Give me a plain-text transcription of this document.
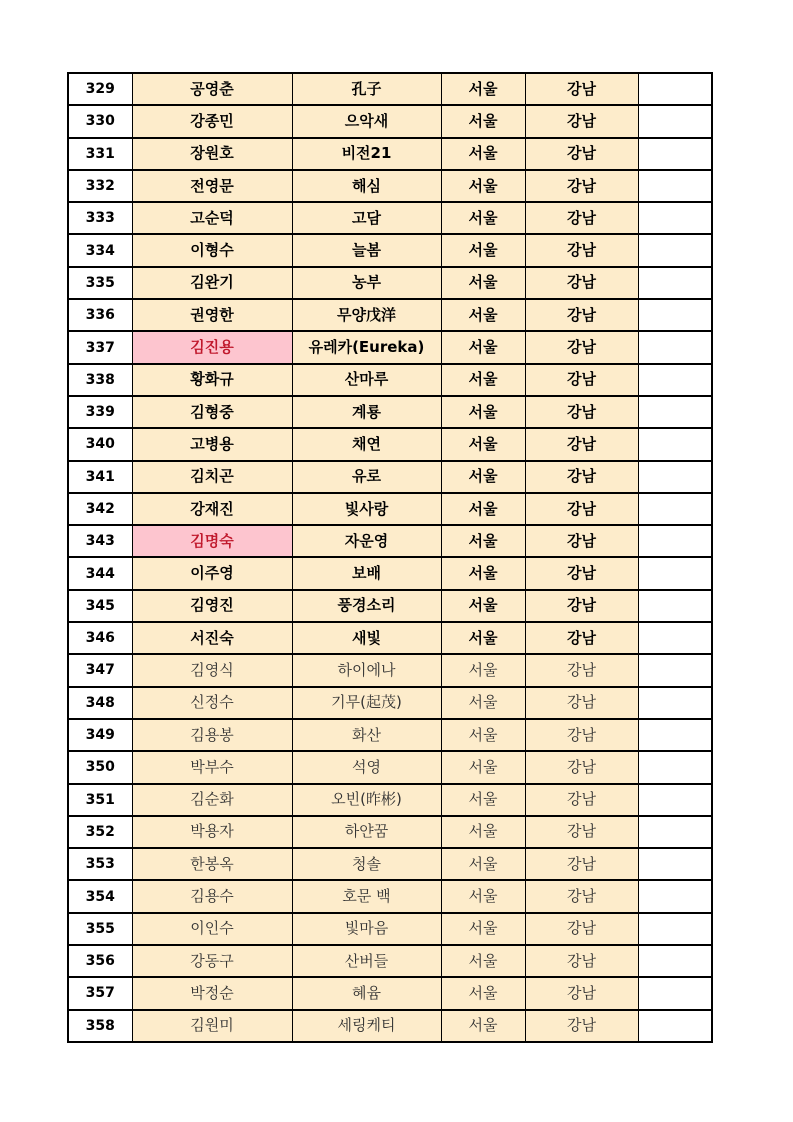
329	공영춘	孔子	서울	강남	
330	강종민	으악새	서울	강남	
331	장원호	비전21	서울	강남	
332	전영문	해심	서울	강남	
333	고순덕	고담	서울	강남	
334	이형수	늘봄	서울	강남	
335	김완기	농부	서울	강남	
336	권영한	무양戊洋	서울	강남	
337	김진용	유레카(Eureka)	서울	강남	
338	황화규	산마루	서울	강남	
339	김형중	계룡	서울	강남	
340	고병용	채연	서울	강남	
341	김치곤	유로	서울	강남	
342	강재진	빛사랑	서울	강남	
343	김명숙	자운영	서울	강남	
344	이주영	보배	서울	강남	
345	김영진	풍경소리	서울	강남	
346	서진숙	새빛	서울	강남	
347	김영식	하이에나	서울	강남	
348	신정수	기무(起茂)	서울	강남	
349	김용봉	화산	서울	강남	
350	박부수	석영	서울	강남	
351	김순화	오빈(昨彬)	서울	강남	
352	박용자	하얀꿈	서울	강남	
353	한봉옥	청솔	서울	강남	
354	김용수	호문 백	서울	강남	
355	이인수	빛마음	서울	강남	
356	강동구	산버들	서울	강남	
357	박정순	혜윰	서울	강남	
358	김원미	세링케티	서울	강남	
